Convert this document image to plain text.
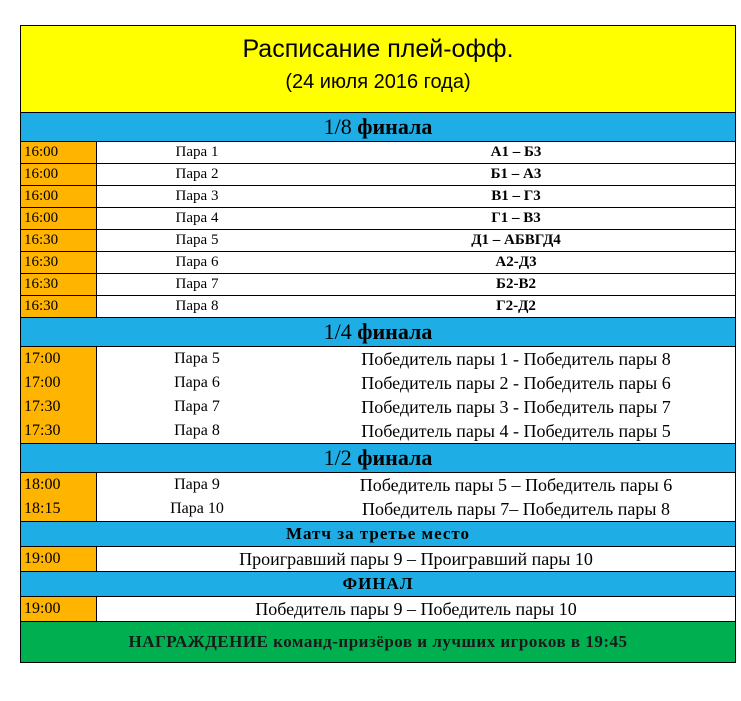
Расписание плей-офф.
(24 июля 2016 года)
1/8 финала
16:00	Пара 1	А1 – Б3
16:00	Пара 2	Б1 – А3
16:00	Пара 3	В1 – Г3
16:00	Пара 4	Г1 – В3
16:30	Пара 5	Д1 – АБВГД4
16:30	Пара 6	А2-Д3
16:30	Пара 7	Б2-В2
16:30	Пара 8	Г2-Д2
1/4 финала
17:00	Пара 5	Победитель пары 1 - Победитель пары 8
17:00	Пара 6	Победитель пары 2 - Победитель пары 6
17:30	Пара 7	Победитель пары 3 - Победитель пары 7
17:30	Пара 8	Победитель пары 4 - Победитель пары 5
1/2 финала
18:00	Пара 9	Победитель пары 5 – Победитель пары 6
18:15	Пара 10	Победитель пары 7– Победитель пары 8
Матч за третье место
19:00	Проигравший пары 9 – Проигравший пары 10
ФИНАЛ
19:00	Победитель пары 9 – Победитель пары 10
НАГРАЖДЕНИЕ команд-призёров и лучших игроков в 19:45
